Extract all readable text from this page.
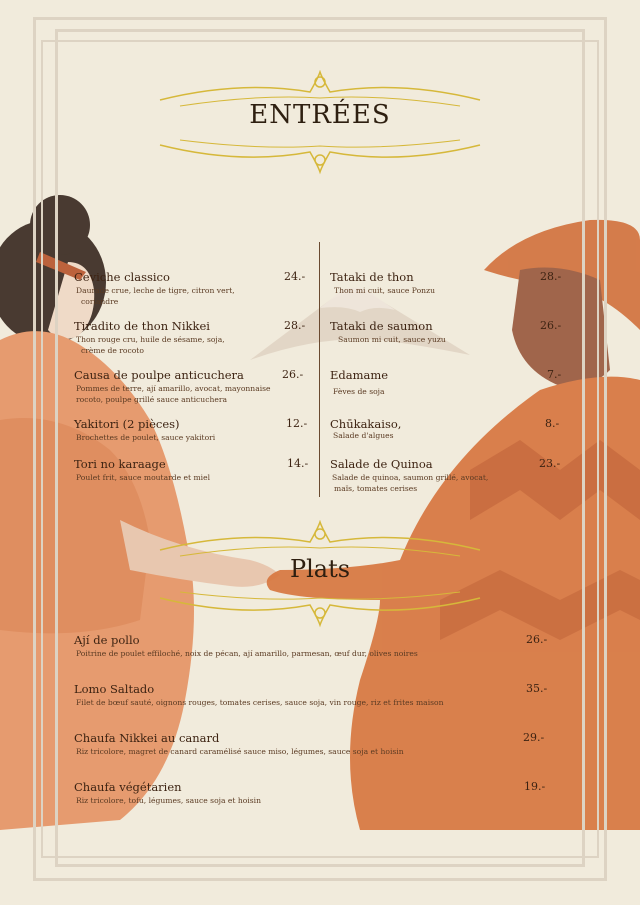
ENTRÉES
Ceviche classico
Daurade crue, leche de tigre, citron vert,
coriandre
24.-
Tiradito de thon Nikkei
Thon rouge cru, huile de sésame, soja,
crème de rocoto
28.-
Causa de poulpe anticuchera
Pommes de terre, ají amarillo, avocat, mayonnaise
rocoto, poulpe grillé sauce anticuchera
26.-
Yakitori (2 pièces)
Brochettes de poulet, sauce yakitori
12.-
Tori no karaage
Poulet frit, sauce moutarde et miel
14.-
Tataki de thon
Thon mi cuit, sauce Ponzu
28.-
Tataki de saumon
Saumon mi cuit, sauce yuzu
26.-
Edamame
Fèves de soja
7.-
Chūkakaiso,
Salade d'algues
8.-
Salade de Quinoa
Salade de quinoa, saumon grillé, avocat,
maïs, tomates cerises
23.-
Plats
Ají de pollo
Poitrine de poulet effiloché, noix de pécan, ají amarillo, parmesan, œuf dur, olives noires
26.-
Lomo Saltado
Filet de bœuf sauté, oignons rouges, tomates cerises, sauce soja, vin rouge, riz et frites maison
35.-
Chaufa Nikkei au canard
Riz tricolore, magret de canard caramélisé sauce miso, légumes, sauce soja et hoisin
29.-
Chaufa végétarien
Riz tricolore, tofu, légumes, sauce soja et hoisin
19.-
